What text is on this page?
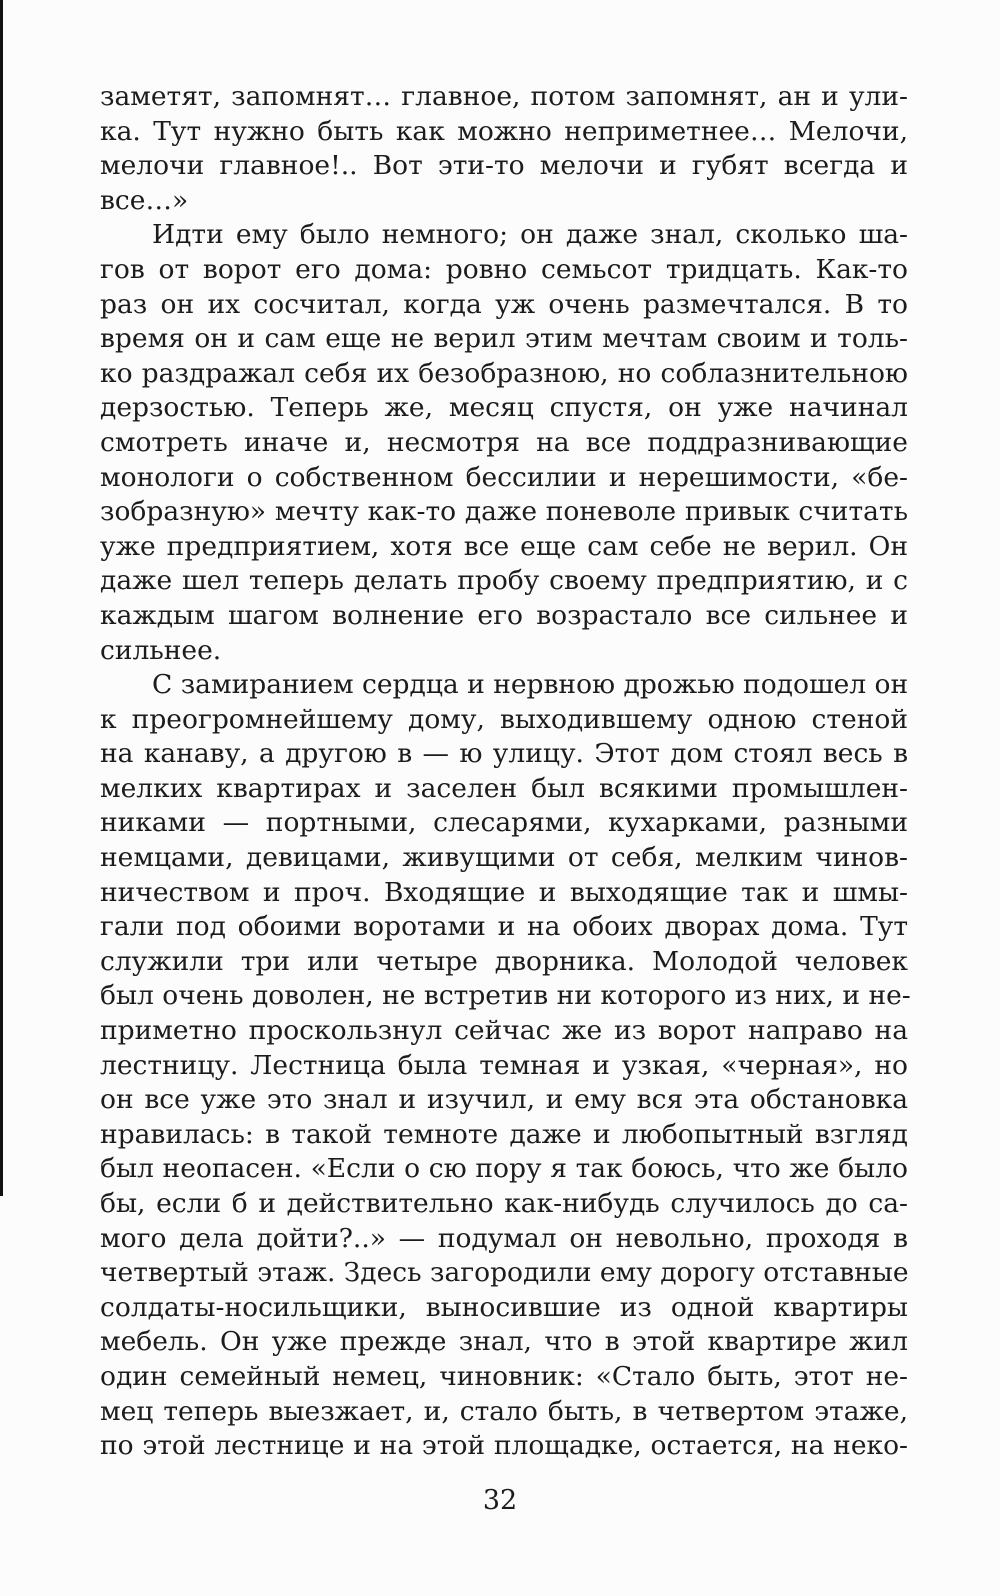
заметят, запомнят… главное, потом запомнят, ан и ули-
ка. Тут нужно быть как можно неприметнее… Мелочи,
мелочи главное!.. Вот эти-то мелочи и губят всегда и
все…»
Идти ему было немного; он даже знал, сколько ша-
гов от ворот его дома: ровно семьсот тридцать. Как-то
раз он их сосчитал, когда уж очень размечтался. В то
время он и сам еще не верил этим мечтам своим и толь-
ко раздражал себя их безобразною, но соблазнительною
дерзостью. Теперь же, месяц спустя, он уже начинал
смотреть иначе и, несмотря на все поддразнивающие
монологи о собственном бессилии и нерешимости, «бе-
зобразную» мечту как-то даже поневоле привык считать
уже предприятием, хотя все еще сам себе не верил. Он
даже шел теперь делать пробу своему предприятию, и с
каждым шагом волнение его возрастало все сильнее и
сильнее.
С замиранием сердца и нервною дрожью подошел он
к преогромнейшему дому, выходившему одною стеной
на канаву, а другою в — ю улицу. Этот дом стоял весь в
мелких квартирах и заселен был всякими промышлен-
никами — портными, слесарями, кухарками, разными
немцами, девицами, живущими от себя, мелким чинов-
ничеством и проч. Входящие и выходящие так и шмы-
гали под обоими воротами и на обоих дворах дома. Тут
служили три или четыре дворника. Молодой человек
был очень доволен, не встретив ни которого из них, и не-
приметно проскользнул сейчас же из ворот направо на
лестницу. Лестница была темная и узкая, «черная», но
он все уже это знал и изучил, и ему вся эта обстановка
нравилась: в такой темноте даже и любопытный взгляд
был неопасен. «Если о сю пору я так боюсь, что же было
бы, если б и действительно как-нибудь случилось до са-
мого дела дойти?..» — подумал он невольно, проходя в
четвертый этаж. Здесь загородили ему дорогу отставные
солдаты-носильщики, выносившие из одной квартиры
мебель. Он уже прежде знал, что в этой квартире жил
один семейный немец, чиновник: «Стало быть, этот не-
мец теперь выезжает, и, стало быть, в четвертом этаже,
по этой лестнице и на этой площадке, остается, на неко-
32
